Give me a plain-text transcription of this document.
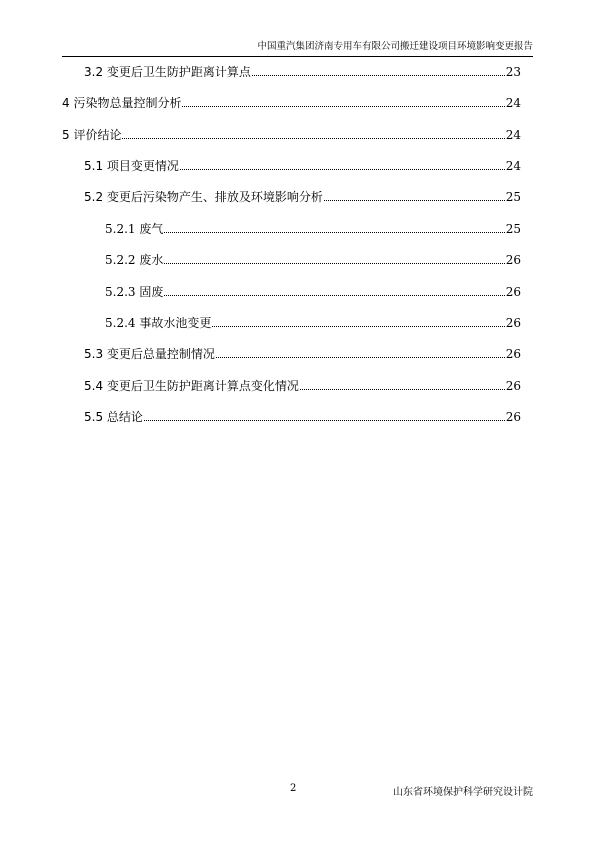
中国重汽集团济南专用车有限公司搬迁建设项目环境影响变更报告
3.2 变更后卫生防护距离计算点	23
4 污染物总量控制分析	24
5 评价结论	24
5.1 项目变更情况	24
5.2 变更后污染物产生、排放及环境影响分析	25
5.2.1 废气	25
5.2.2 废水	26
5.2.3 固废	26
5.2.4 事故水池变更	26
5.3 变更后总量控制情况	26
5.4 变更后卫生防护距离计算点变化情况	26
5.5 总结论	26
2	山东省环境保护科学研究设计院
